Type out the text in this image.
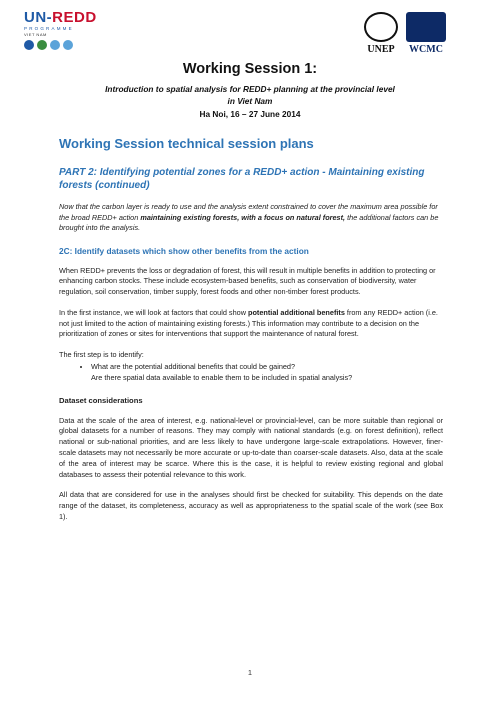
UN-REDD
PROGRAMME
VIET NAM
UNEP WCMC
Working Session 1:

Introduction to spatial analysis for REDD+ planning at the provincial level

in Viet Nam

Ha Noi, 16 – 27 June 2014

Working Session technical session plans
PART 2: Identifying potential zones for a REDD+ action - Maintaining existing forests (continued)

Now that the carbon layer is ready to use and the analysis extent constrained to cover the maximum area possible for the broad REDD+ action maintaining existing forests, with a focus on natural forest, the additional factors can be brought into the analysis.

2C: Identify datasets which show other benefits from the action

When REDD+ prevents the loss or degradation of forest, this will result in multiple benefits in addition to protecting or enhancing carbon stocks. These include ecosystem-based benefits, such as conservation of biodiversity, water regulation, soil conservation, timber supply, forest foods and other non-timber forest products.

In the first instance, we will look at factors that could show potential additional benefits from any REDD+ action (i.e. not just limited to the action of maintaining existing forests.) This information may contribute to a decision on the prioritization of zones or sites for interventions that support the maintenance of natural forest.

The first step is to identify:

• What are the potential additional benefits that could be gained?
Are there spatial data available to enable them to be included in spatial analysis?
Dataset considerations

Data at the scale of the area of interest, e.g. national-level or provincial-level, can be more suitable than regional or global datasets for a number of reasons. They may comply with national standards (e.g. on forest definition), reflect national or sub-national priorities, and are less likely to have undergone large-scale extrapolations. However, finer-scale datasets may not necessarily be more accurate or up-to-date than coarser-scale datasets. Also, data at the scale of the area of interest may be scarce. Where this is the case, it is helpful to review existing regional and global databases to assess their potential relevance to this work.

All data that are considered for use in the analyses should first be checked for suitability. This depends on the date range of the dataset, its completeness, accuracy as well as appropriateness to the spatial scale of the work (see Box 1).

1
